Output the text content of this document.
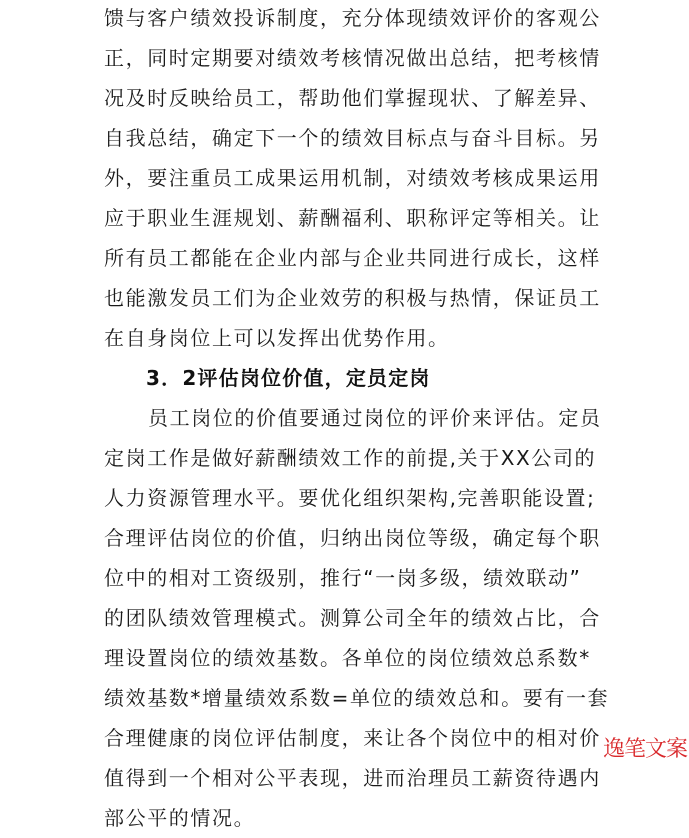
馈与客户绩效投诉制度，充分体现绩效评价的客观公

正，同时定期要对绩效考核情况做出总结，把考核情

况及时反映给员工，帮助他们掌握现状、了解差异、

自我总结，确定下一个的绩效目标点与奋斗目标。另

外，要注重员工成果运用机制，对绩效考核成果运用

应于职业生涯规划、薪酬福利、职称评定等相关。让

所有员工都能在企业内部与企业共同进行成长，这样

也能激发员工们为企业效劳的积极与热情，保证员工

在自身岗位上可以发挥出优势作用。

3．2评估岗位价值，定员定岗

员工岗位的价值要通过岗位的评价来评估。定员

定岗工作是做好薪酬绩效工作的前提,关于XX公司的

人力资源管理水平。要优化组织架构,完善职能设置;

合理评估岗位的价值，归纳出岗位等级，确定每个职

位中的相对工资级别，推行“一岗多级，绩效联动”

的团队绩效管理模式。测算公司全年的绩效占比，合

理设置岗位的绩效基数。各单位的岗位绩效总系数*

绩效基数*增量绩效系数=单位的绩效总和。要有一套

合理健康的岗位评估制度，来让各个岗位中的相对价

值得到一个相对公平表现，进而治理员工薪资待遇内

部公平的情况。

逸笔文案
